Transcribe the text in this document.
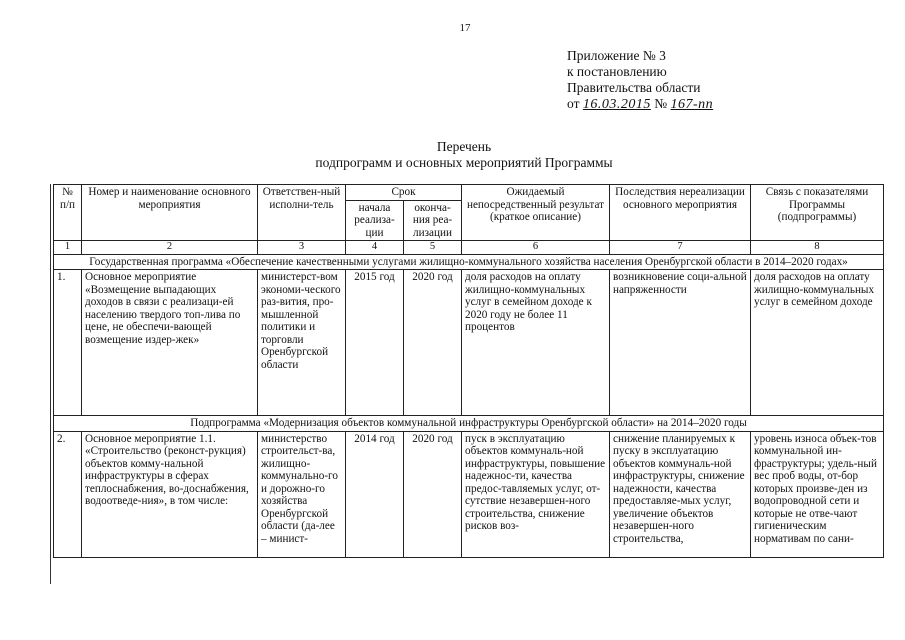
17
Приложение № 3
к постановлению
Правительства области
от 16.03.2015 № 167-пп
Перечень
подпрограмм и основных мероприятий Программы
№ п/п	Номер и наименование основного мероприятия	Ответствен-ный исполни-тель	Срок		Ожидаемый непосредственный результат (краткое описание)	Последствия нереализации основного мероприятия	Связь с показателями Программы (подпрограммы)
			начала реализа-ции	оконча-ния реа-лизации			
1	2	3	4	5	6	7	8
Государственная программа «Обеспечение качественными услугами жилищно-коммунального хозяйства населения Оренбургской области в 2014–2020 годах»							
1.	Основное мероприятие «Возмещение выпадающих доходов в связи с реализаци-ей населению твердого топ-лива по цене, не обеспечи-вающей возмещение издер-жек»	министерст-вом экономи-ческого раз-вития, про-мышленной политики и торговли Оренбургской области	2015 год	2020 год	доля расходов на оплату жилищно-коммунальных услуг в семейном доходе к 2020 году не более 11 процентов	возникновение соци-альной напряженности	доля расходов на оплату жилищно-коммунальных услуг в семейном доходе
Подпрограмма «Модернизация объектов коммунальной инфраструктуры Оренбургской области» на 2014–2020 годы							
2.	Основное мероприятие 1.1. «Строительство (реконст-рукция) объектов комму-нальной инфраструктуры в сферах теплоснабжения, во-доснабжения, водоотведе-ния», в том числе:	министерство строительст-ва, жилищно-коммунально-го и дорожно-го хозяйства Оренбургской области (да-лее – минист-	2014 год	2020 год	пуск в эксплуатацию объектов коммуналь-ной инфраструктуры, повышение надежнос-ти, качества предос-тавляемых услуг, от-сутствие незавершен-ного строительства, снижение рисков воз-	снижение планируемых к пуску в эксплуатацию объектов коммуналь-ной инфраструктуры, снижение надежности, качества предоставляе-мых услуг, увеличение объектов незавершен-ного строительства,	уровень износа объек-тов коммунальной ин-фраструктуры; удель-ный вес проб воды, от-бор которых произве-ден из водопроводной сети и которые не отве-чают гигиеническим нормативам по сани-
